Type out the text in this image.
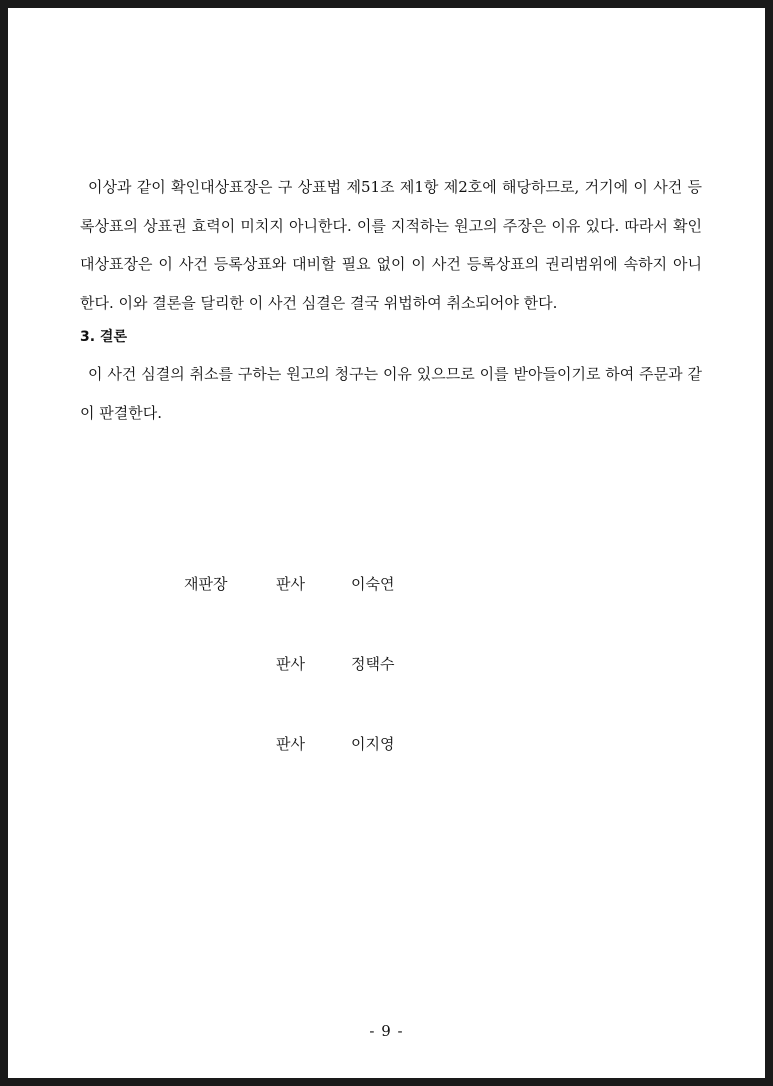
이상과 같이 확인대상표장은 구 상표법 제51조 제1항 제2호에 해당하므로, 거기에 이 사건 등록상표의 상표권 효력이 미치지 아니한다. 이를 지적하는 원고의 주장은 이유 있다. 따라서 확인대상표장은 이 사건 등록상표와 대비할 필요 없이 이 사건 등록상표의 권리범위에 속하지 아니한다. 이와 결론을 달리한 이 사건 심결은 결국 위법하여 취소되어야 한다.

3. 결론

이 사건 심결의 취소를 구하는 원고의 청구는 이유 있으므로 이를 받아들이기로 하여 주문과 같이 판결한다.

재판장	판사	이숙연
판사	정택수
판사	이지영
- 9 -
